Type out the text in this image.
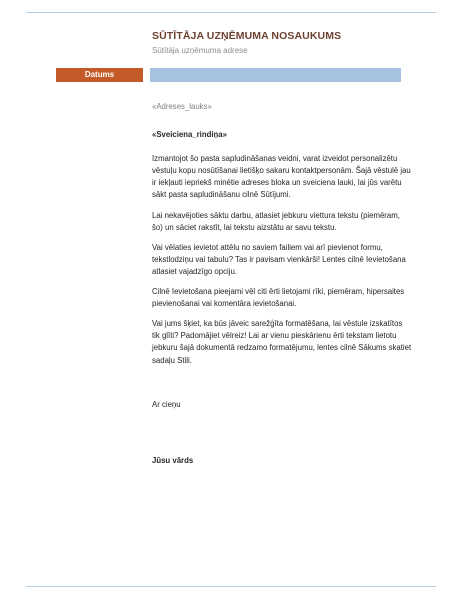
SŪTĪTĀJA UZŅĒMUMA NOSAUKUMS
Sūtītāja uzņēmuma adrese
Datums

«Adreses_lauks»

«Sveiciena_rindiņa»

Izmantojot šo pasta sapludināšanas veidni, varat izveidot personalizētu vēstuļu kopu nosūtīšanai lietišķo sakaru kontaktpersonām. Šajā vēstulē jau ir iekļauti iepriekš minētie adreses bloka un sveiciena lauki, lai jūs varētu sākt pasta sapludināšanu cilnē Sūtījumi.

Lai nekavējoties sāktu darbu, atlasiet jebkuru viettura tekstu (piemēram, šo) un sāciet rakstīt, lai tekstu aizstātu ar savu tekstu.

Vai vēlaties ievietot attēlu no saviem failiem vai arī pievienot formu, tekstlodziņu vai tabulu? Tas ir pavisam vienkārši! Lentes cilnē Ievietošana atlasiet vajadzīgo opciju.

Cilnē Ievietošana pieejami vēl citi ērti lietojami rīki, piemēram, hipersaites pievienošanai vai komentāra ievietošanai.

Vai jums šķiet, ka būs jāveic sarežģīta formatēšana, lai vēstule izskatītos tik glīti? Padomājiet vēlreiz! Lai ar vienu pieskārienu ērti tekstam lietotu jebkuru šajā dokumentā redzamo formatējumu, lentes cilnē Sākums skatiet sadaļu Stili.

Ar cieņu

Jūsu vārds
